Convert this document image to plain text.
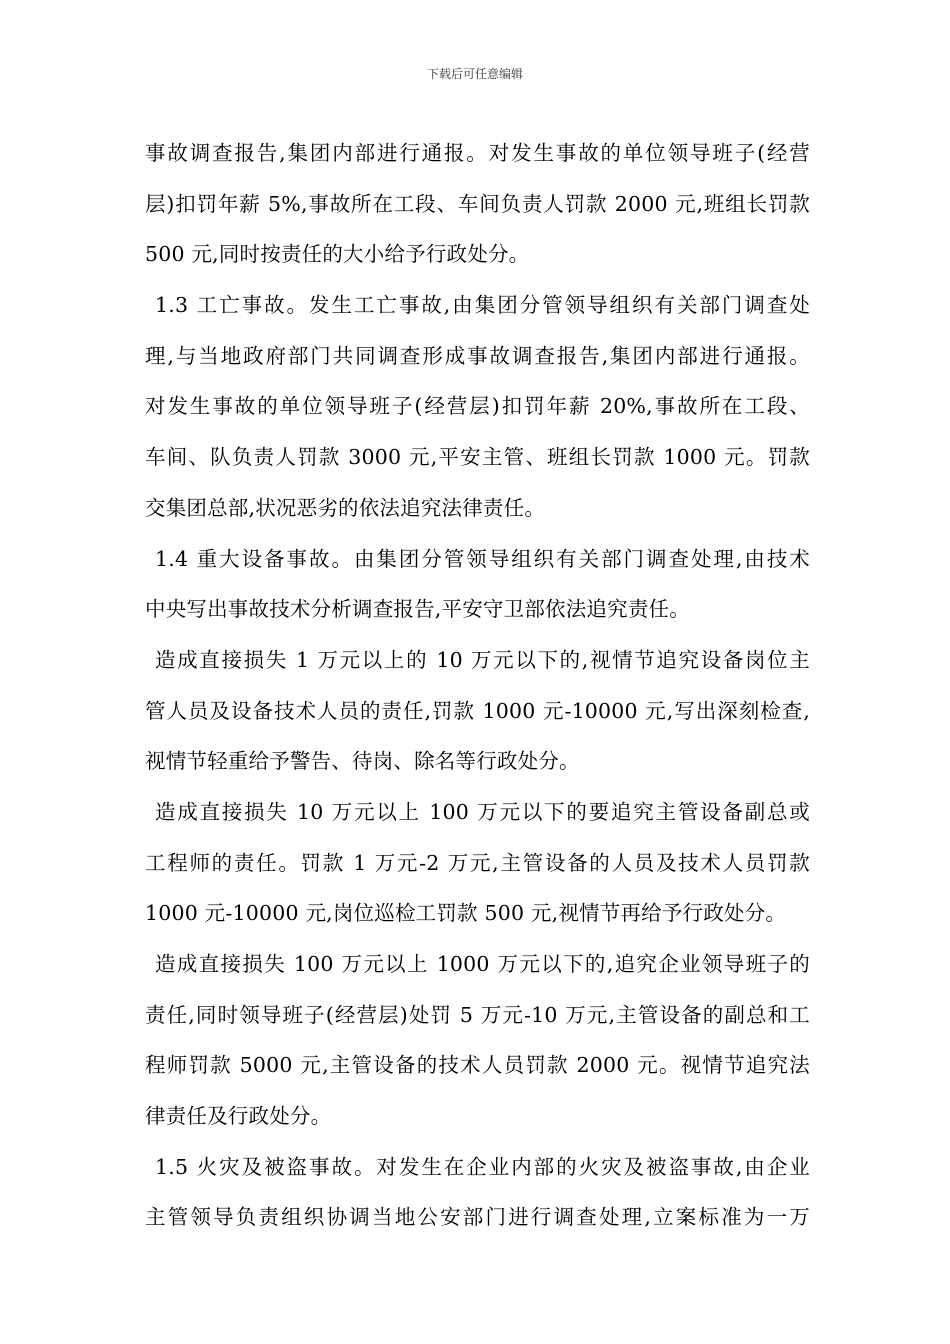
下载后可任意编辑
事故调查报告,集团内部进行通报。对发生事故的单位领导班子(经营
层)扣罚年薪 5%,事故所在工段、车间负责人罚款 2000 元,班组长罚款
500 元,同时按责任的大小给予行政处分。
1.3 工亡事故。发生工亡事故,由集团分管领导组织有关部门调查处
理,与当地政府部门共同调查形成事故调查报告,集团内部进行通报。
对发生事故的单位领导班子(经营层)扣罚年薪 20%,事故所在工段、
车间、队负责人罚款 3000 元,平安主管、班组长罚款 1000 元。罚款
交集团总部,状况恶劣的依法追究法律责任。
1.4 重大设备事故。由集团分管领导组织有关部门调查处理,由技术
中央写出事故技术分析调查报告,平安守卫部依法追究责任。
造成直接损失 1 万元以上的 10 万元以下的,视情节追究设备岗位主
管人员及设备技术人员的责任,罚款 1000 元-10000 元,写出深刻检查,
视情节轻重给予警告、待岗、除名等行政处分。
造成直接损失 10 万元以上 100 万元以下的要追究主管设备副总或
工程师的责任。罚款 1 万元-2 万元,主管设备的人员及技术人员罚款
1000 元-10000 元,岗位巡检工罚款 500 元,视情节再给予行政处分。
造成直接损失 100 万元以上 1000 万元以下的,追究企业领导班子的
责任,同时领导班子(经营层)处罚 5 万元-10 万元,主管设备的副总和工
程师罚款 5000 元,主管设备的技术人员罚款 2000 元。视情节追究法
律责任及行政处分。
1.5 火灾及被盗事故。对发生在企业内部的火灾及被盗事故,由企业
主管领导负责组织协调当地公安部门进行调查处理,立案标准为一万
